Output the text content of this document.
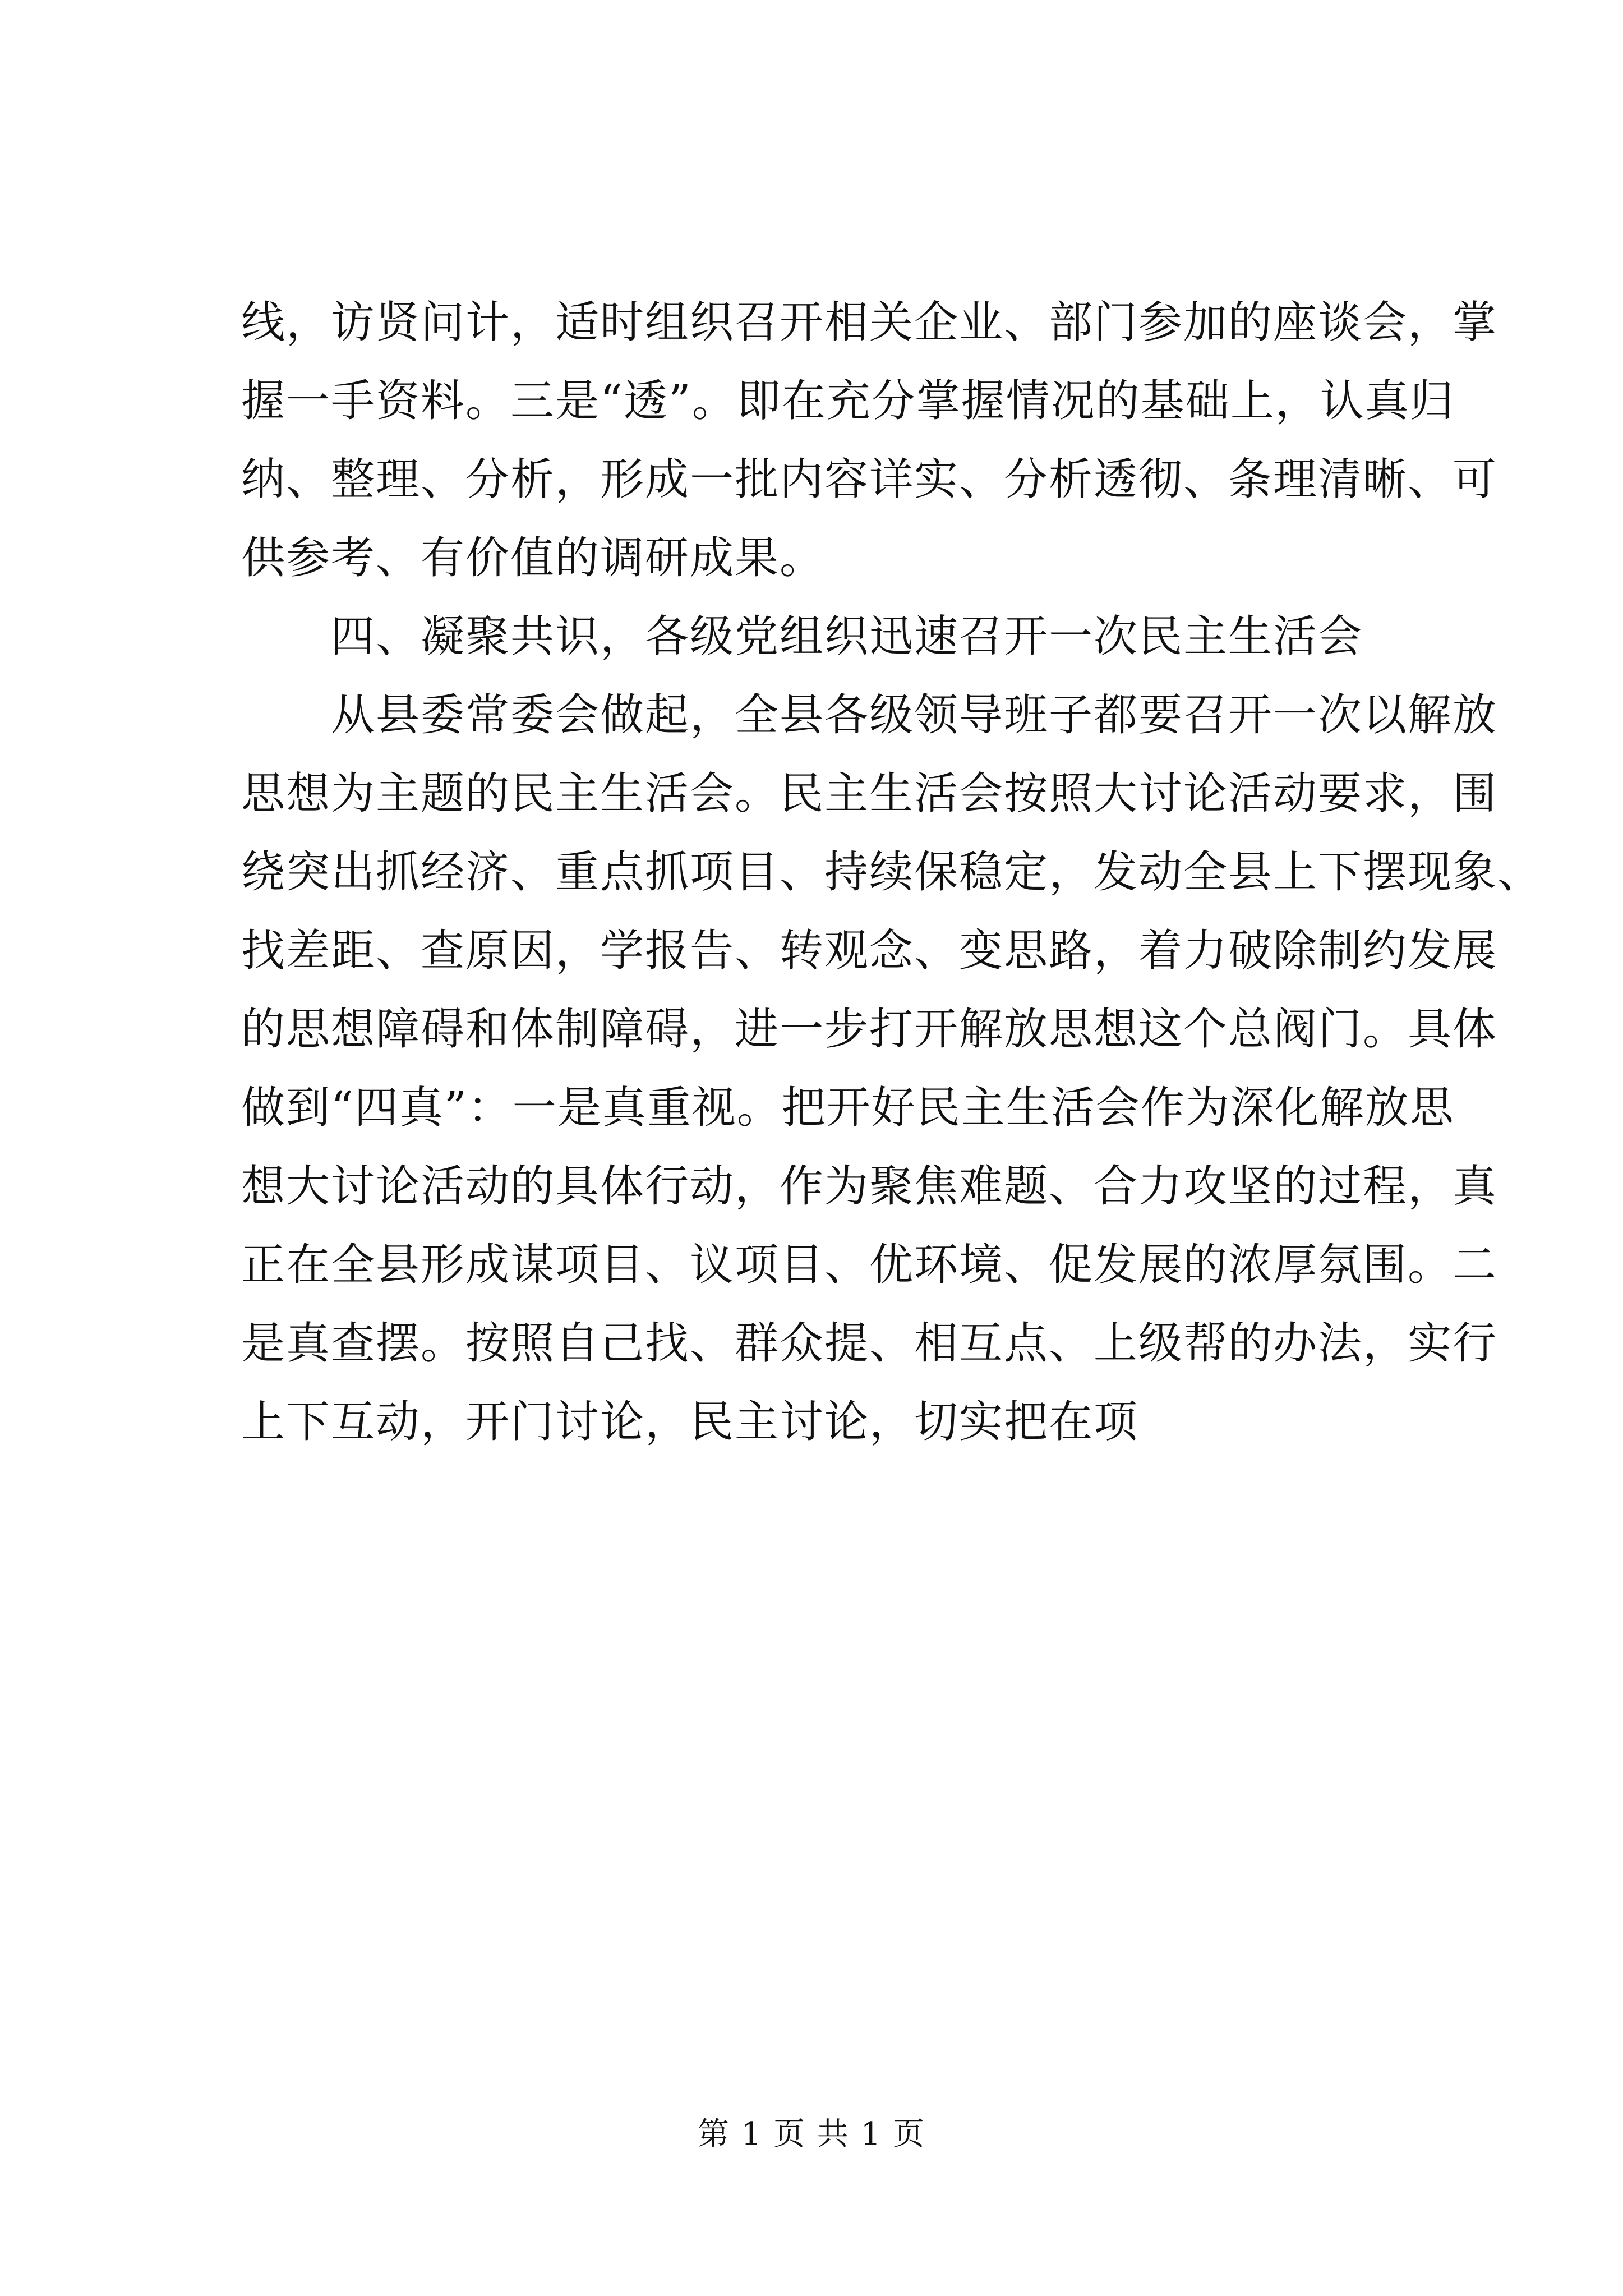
线，访贤问计，适时组织召开相关企业、部门参加的座谈会，掌
握一手资料。三是“透”。即在充分掌握情况的基础上，认真归
纳、整理、分析，形成一批内容详实、分析透彻、条理清晰、可
供参考、有价值的调研成果。
四、凝聚共识，各级党组织迅速召开一次民主生活会
从县委常委会做起，全县各级领导班子都要召开一次以解放
思想为主题的民主生活会。民主生活会按照大讨论活动要求，围
绕突出抓经济、重点抓项目、持续保稳定，发动全县上下摆现象、
找差距、查原因，学报告、转观念、变思路，着力破除制约发展
的思想障碍和体制障碍，进一步打开解放思想这个总阀门。具体
做到“四真”：一是真重视。把开好民主生活会作为深化解放思
想大讨论活动的具体行动，作为聚焦难题、合力攻坚的过程，真
正在全县形成谋项目、议项目、优环境、促发展的浓厚氛围。二
是真查摆。按照自己找、群众提、相互点、上级帮的办法，实行
上下互动，开门讨论，民主讨论，切实把在项
第 1 页 共 1 页
